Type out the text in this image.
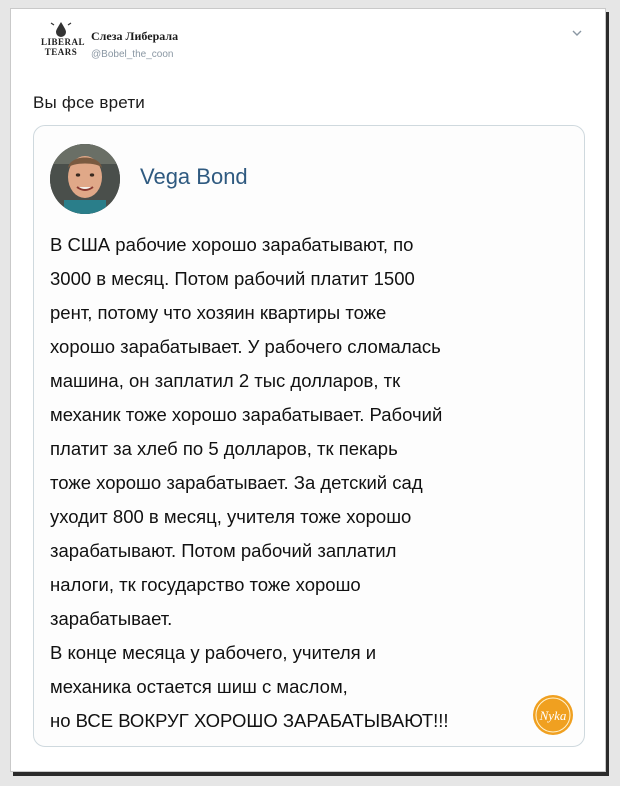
LIBERAL
TEARS
Слеза Либерала
@Bobel_the_coon
Вы фсе врети
Vega Bond
В США рабочие хорошо зарабатывают, по
3000 в месяц. Потом рабочий платит 1500
рент, потому что хозяин квартиры тоже
хорошо зарабатывает. У рабочего сломалась
машина, он заплатил 2 тыс долларов, тк
механик тоже хорошо зарабатывает. Рабочий
платит за хлеб по 5 долларов, тк пекарь
тоже хорошо зарабатывает. За детский сад
уходит 800 в месяц, учителя тоже хорошо
зарабатывают. Потом рабочий заплатил
налоги, тк государство тоже хорошо
зарабатывает.
В конце месяца у рабочего, учителя и
механика остается шиш с маслом,
но ВСЕ ВОКРУГ ХОРОШО ЗАРАБАТЫВАЮТ!!!	Nyka
